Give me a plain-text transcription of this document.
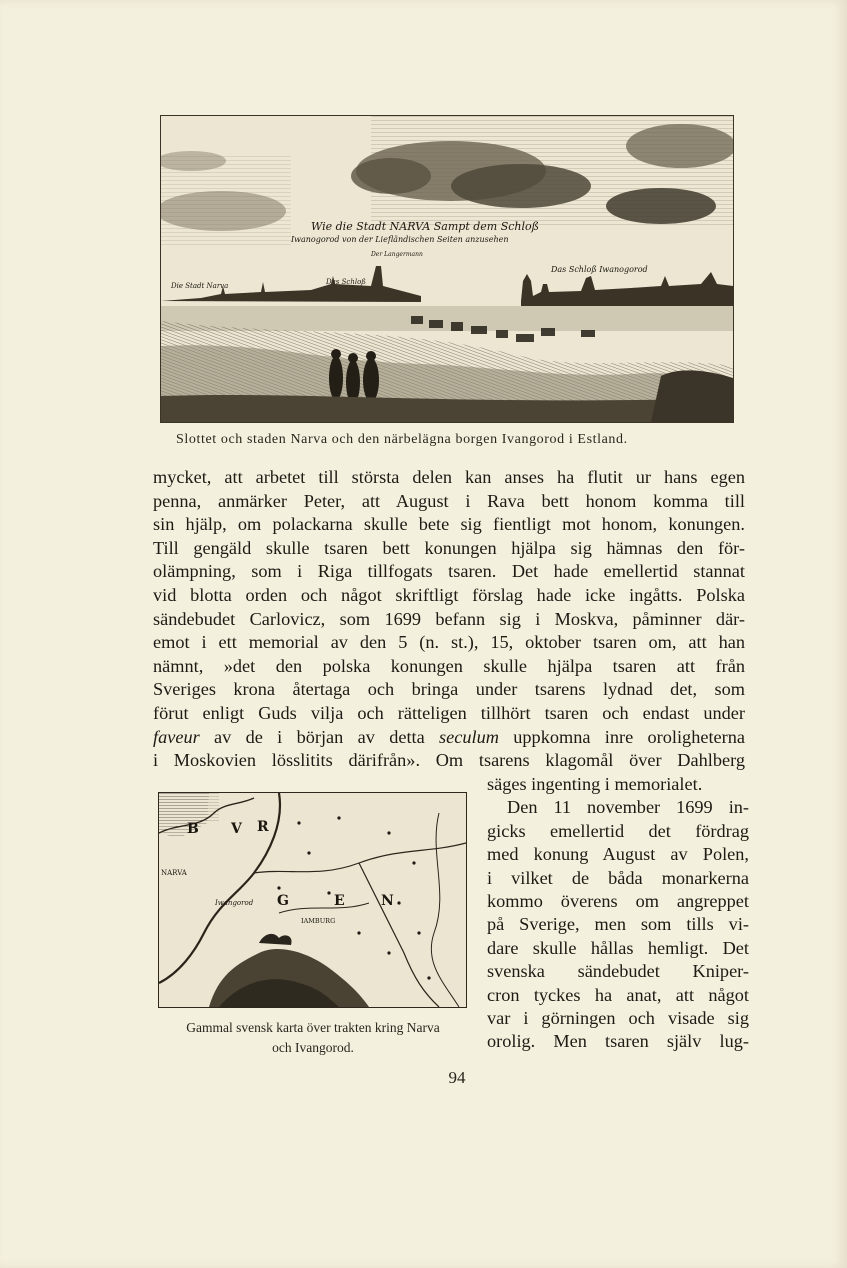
Wie die Stadt NARVA Sampt dem Schloß
Iwanogorod von der Liefländischen Seiten anzusehen
Der Langermann
Die Stadt Narva	Das Schloß
Das Schloß Iwanogorod
Slottet och staden Narva och den närbelägna borgen Ivangorod i Estland.
mycket, att arbetet till största delen kan anses ha flutit ur hans egen
penna, anmärker Peter, att August i Rava bett honom komma till
sin hjälp, om polackarna skulle bete sig fientligt mot honom, konungen.
Till gengäld skulle tsaren bett konungen hjälpa sig hämnas den för-
olämpning, som i Riga tillfogats tsaren. Det hade emellertid stannat
vid blotta orden och något skriftligt förslag hade icke ingåtts. Polska
sändebudet Carlovicz, som 1699 befann sig i Moskva, påminner där-
emot i ett memorial av den 5 (n. st.), 15, oktober tsaren om, att han
nämnt, »det den polska konungen skulle hjälpa tsaren att från
Sveriges krona återtaga och bringa under tsarens lydnad det, som
förut enligt Guds vilja och rätteligen tillhört tsaren och endast under
faveur av de i början av detta seculum uppkomna inre oroligheterna
i Moskovien lösslitits därifrån». Om tsarens klagomål över Dahlberg
B V R
G	E	N
NARVA
Iwangorod
IAMBURG
Gammal svensk karta över trakten kring Narva
och Ivangorod.
säges ingenting i memorialet.
Den 11 november 1699 in-
gicks emellertid det fördrag
med konung August av Polen,
i vilket de båda monarkerna
kommo överens om angreppet
på Sverige, men som tills vi-
dare skulle hållas hemligt. Det
svenska sändebudet Kniper-
cron tyckes ha anat, att något
var i görningen och visade sig
orolig. Men tsaren själv lug-
94
